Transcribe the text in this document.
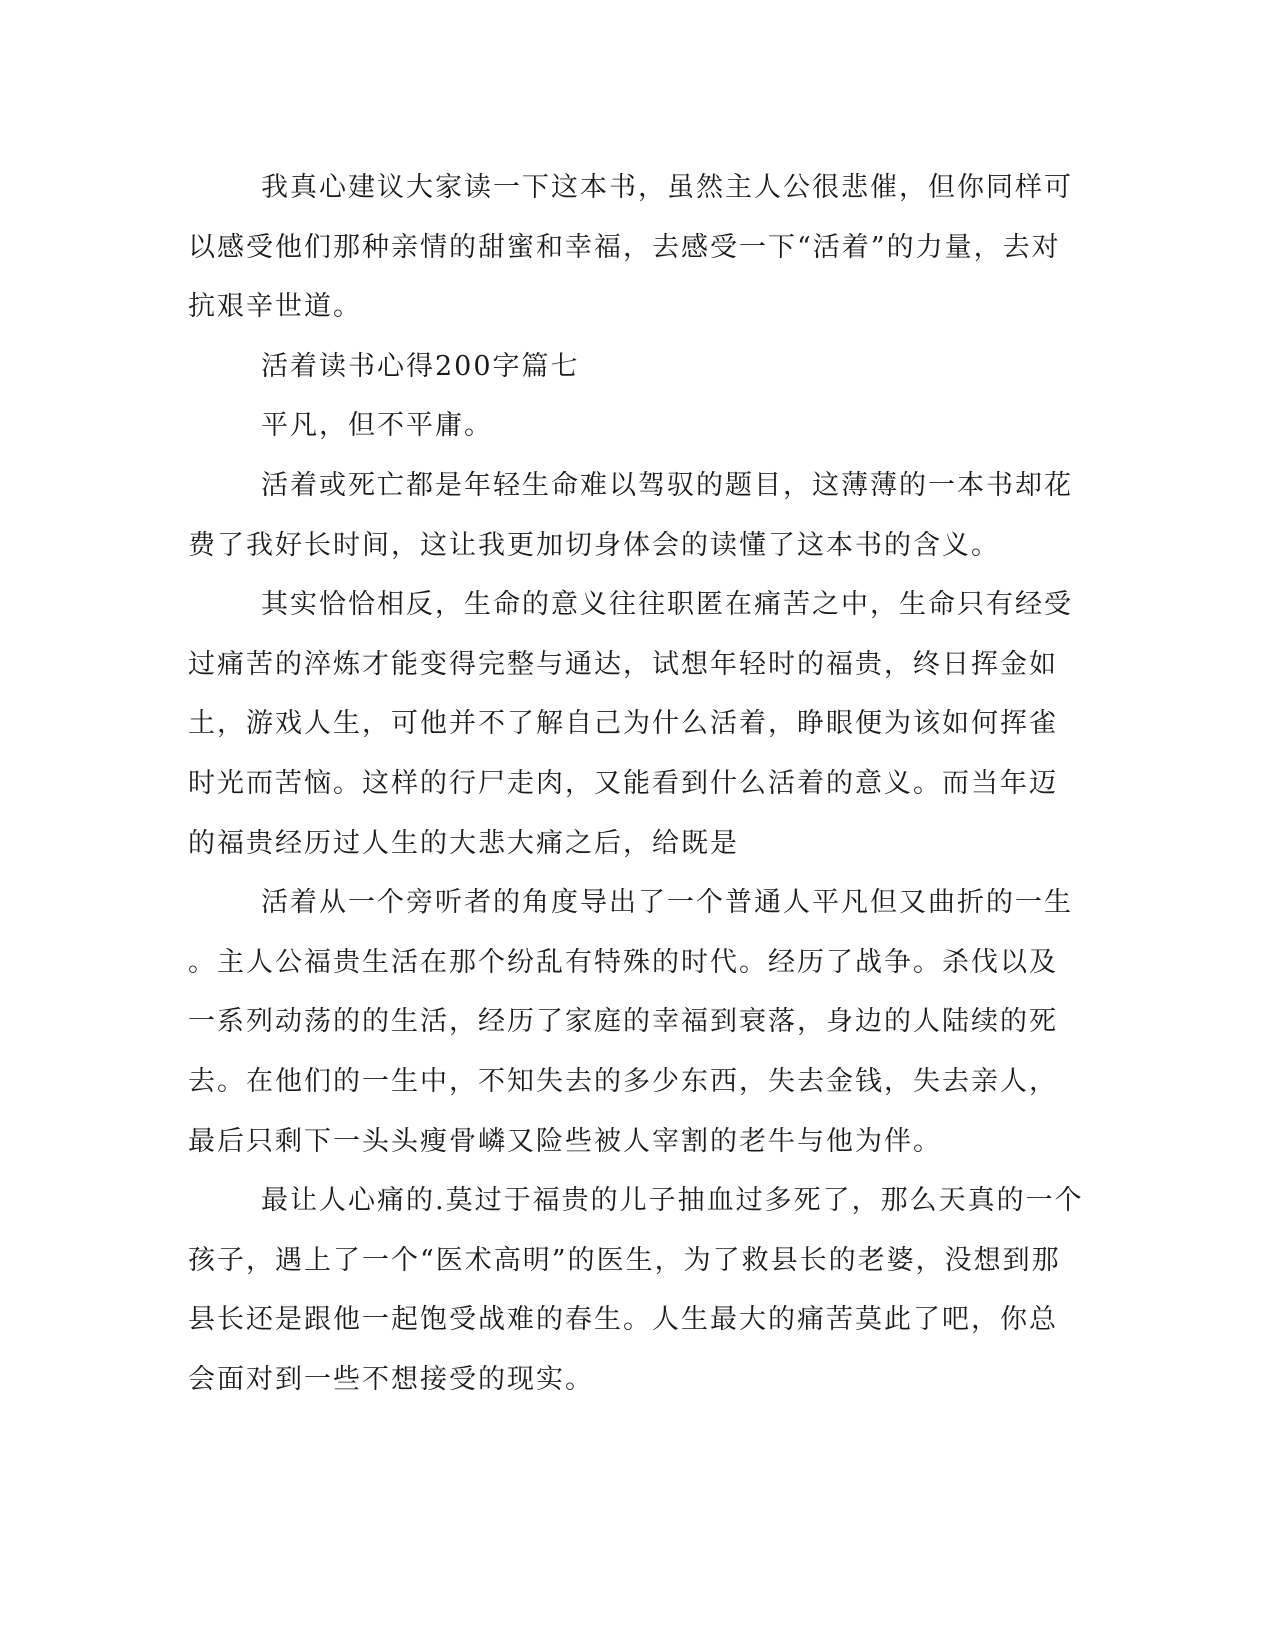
我真心建议大家读一下这本书，虽然主人公很悲催，但你同样可
以感受他们那种亲情的甜蜜和幸福，去感受一下“活着”的力量，去对
抗艰辛世道。
活着读书心得200字篇七
平凡，但不平庸。
活着或死亡都是年轻生命难以驾驭的题目，这薄薄的一本书却花
费了我好长时间，这让我更加切身体会的读懂了这本书的含义。
其实恰恰相反，生命的意义往往职匿在痛苦之中，生命只有经受
过痛苦的淬炼才能变得完整与通达，试想年轻时的福贵，终日挥金如
土，游戏人生，可他并不了解自己为什么活着，睁眼便为该如何挥雀
时光而苦恼。这样的行尸走肉，又能看到什么活着的意义。而当年迈
的福贵经历过人生的大悲大痛之后，给既是
活着从一个旁听者的角度导出了一个普通人平凡但又曲折的一生
。主人公福贵生活在那个纷乱有特殊的时代。经历了战争。杀伐以及
一系列动荡的的生活，经历了家庭的幸福到衰落，身边的人陆续的死
去。在他们的一生中，不知失去的多少东西，失去金钱，失去亲人，
最后只剩下一头头瘦骨嶙又险些被人宰割的老牛与他为伴。
最让人心痛的.莫过于福贵的儿子抽血过多死了，那么天真的一个
孩子，遇上了一个“医术高明”的医生，为了救县长的老婆，没想到那
县长还是跟他一起饱受战难的春生。人生最大的痛苦莫此了吧，你总
会面对到一些不想接受的现实。
